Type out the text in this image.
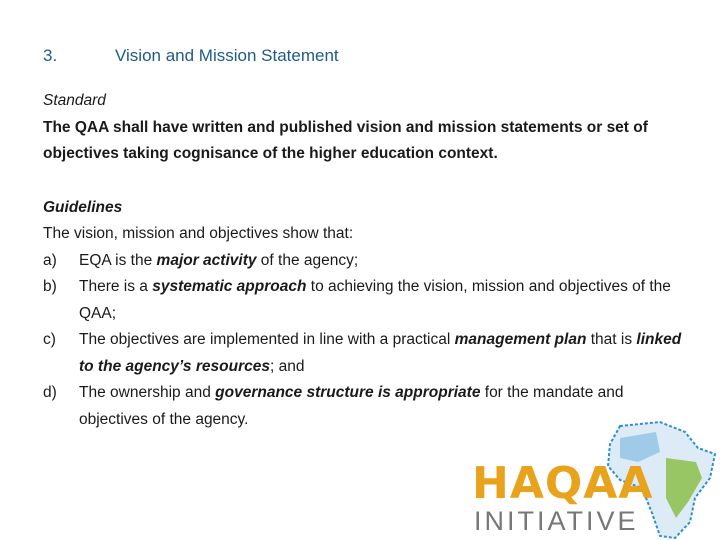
3.	Vision and Mission Statement

Standard

The QAA shall have written and published vision and mission statements or set of objectives taking cognisance of the higher education context.

Guidelines

The vision, mission and objectives show that:

a) EQA is the major activity of the agency;
b) There is a systematic approach to achieving the vision, mission and objectives of the QAA;
c) The objectives are implemented in line with a practical management plan that is linked to the agency’s resources; and
d) The ownership and governance structure is appropriate for the mandate and objectives of the agency.
HAQAA
INITIATIVE
